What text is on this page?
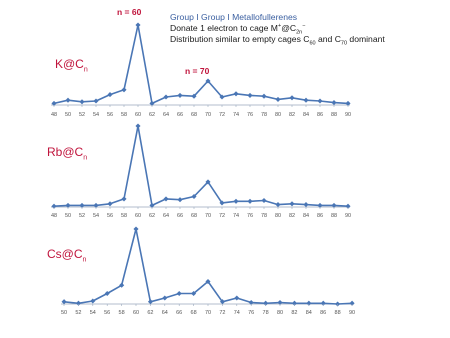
Group I Group I Metallofullerenes
Donate 1 electron to cage $M^+@C_{2n}^-$
Distribution similar to empty cages $C_{60}$ and $C_{70}$ dominant
n = 60
n = 70
$K@C_n$
$Rb@C_n$
$Cs@C_n$
48 50 52 54 56 58 60 62 64 66 68 70 72 74 76 78 80 82 84 86 88 90
48 50 52 54 56 58 60 62 64 66 68 70 72 74 76 78 80 82 84 86 88 90
50 52 54 56 58 60 62 64 66 68 70 72 74 76 78 80 82 84 86 88 90
